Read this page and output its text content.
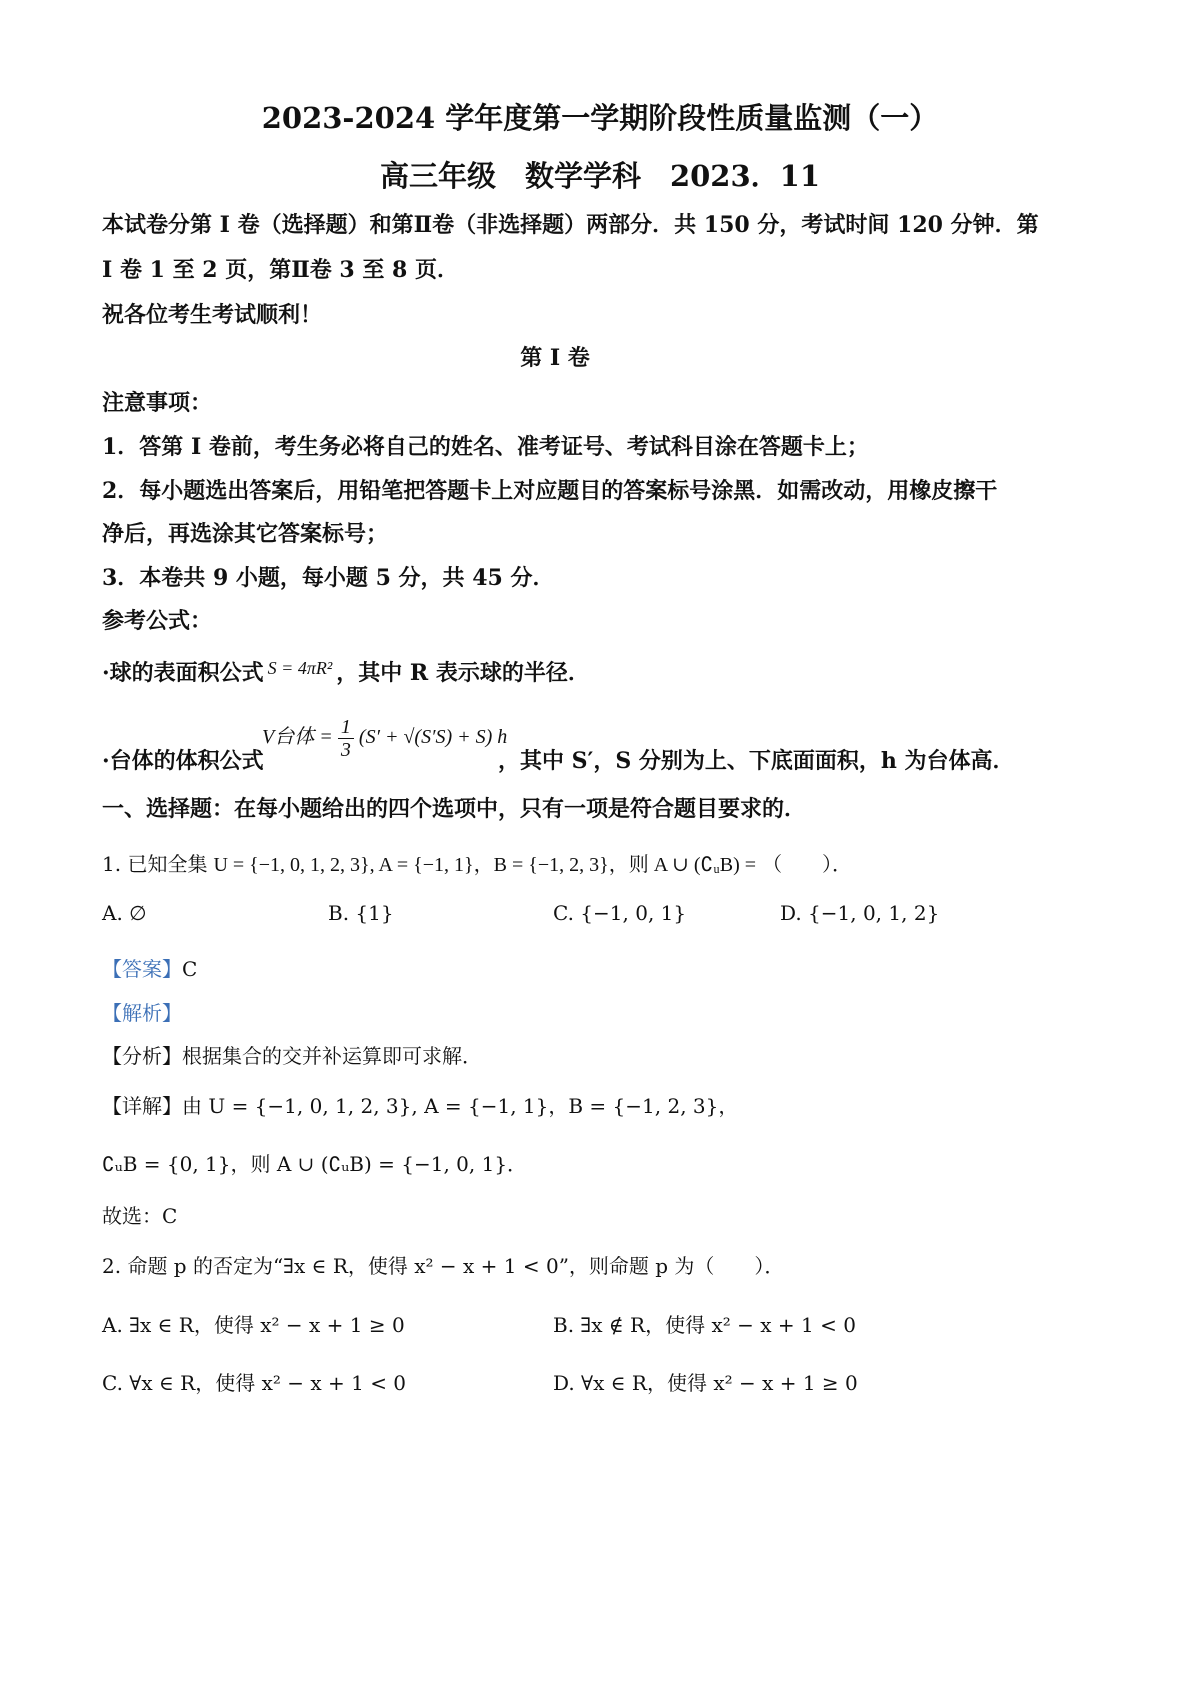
2023-2024 学年度第一学期阶段性质量监测（一）
高三年级　数学学科　2023．11
本试卷分第 I 卷（选择题）和第Ⅱ卷（非选择题）两部分．共 150 分，考试时间 120 分钟．第
I 卷 1 至 2 页，第Ⅱ卷 3 至 8 页．
祝各位考生考试顺利！
第 I 卷
注意事项：
1．答第 I 卷前，考生务必将自己的姓名、准考证号、考试科目涂在答题卡上；
2．每小题选出答案后，用铅笔把答题卡上对应题目的答案标号涂黑．如需改动，用橡皮擦干
净后，再选涂其它答案标号；
3．本卷共 9 小题，每小题 5 分，共 45 分．
参考公式：
·球的表面积公式 S = 4πR² ，其中 R 表示球的半径．
·台体的体积公式
V台体 = $\frac{1}{3} (S' + √(S'S) + S)$ h
，其中 S′，S 分别为上、下底面面积，h 为台体高．
一、选择题：在每小题给出的四个选项中，只有一项是符合题目要求的．
1. 已知全集 U = {−1, 0, 1, 2, 3}, A = {−1, 1}，B = {−1, 2, 3}，则 A ∪ (∁ᵤB) = （　　）．
A. ∅	B. {1}	C. {−1, 0, 1}	D. {−1, 0, 1, 2}
【答案】C
【解析】
【分析】根据集合的交并补运算即可求解．
【详解】由 U = {−1, 0, 1, 2, 3}, A = {−1, 1}，B = {−1, 2, 3}，
∁ᵤB = {0, 1}，则 A ∪ (∁ᵤB) = {−1, 0, 1}．
故选：C
2. 命题 p 的否定为“∃x ∈ R，使得 x² − x + 1 < 0”，则命题 p 为（　　）．
A. ∃x ∈ R，使得 x² − x + 1 ≥ 0	B. ∃x ∉ R，使得 x² − x + 1 < 0
C. ∀x ∈ R，使得 x² − x + 1 < 0	D. ∀x ∈ R，使得 x² − x + 1 ≥ 0
